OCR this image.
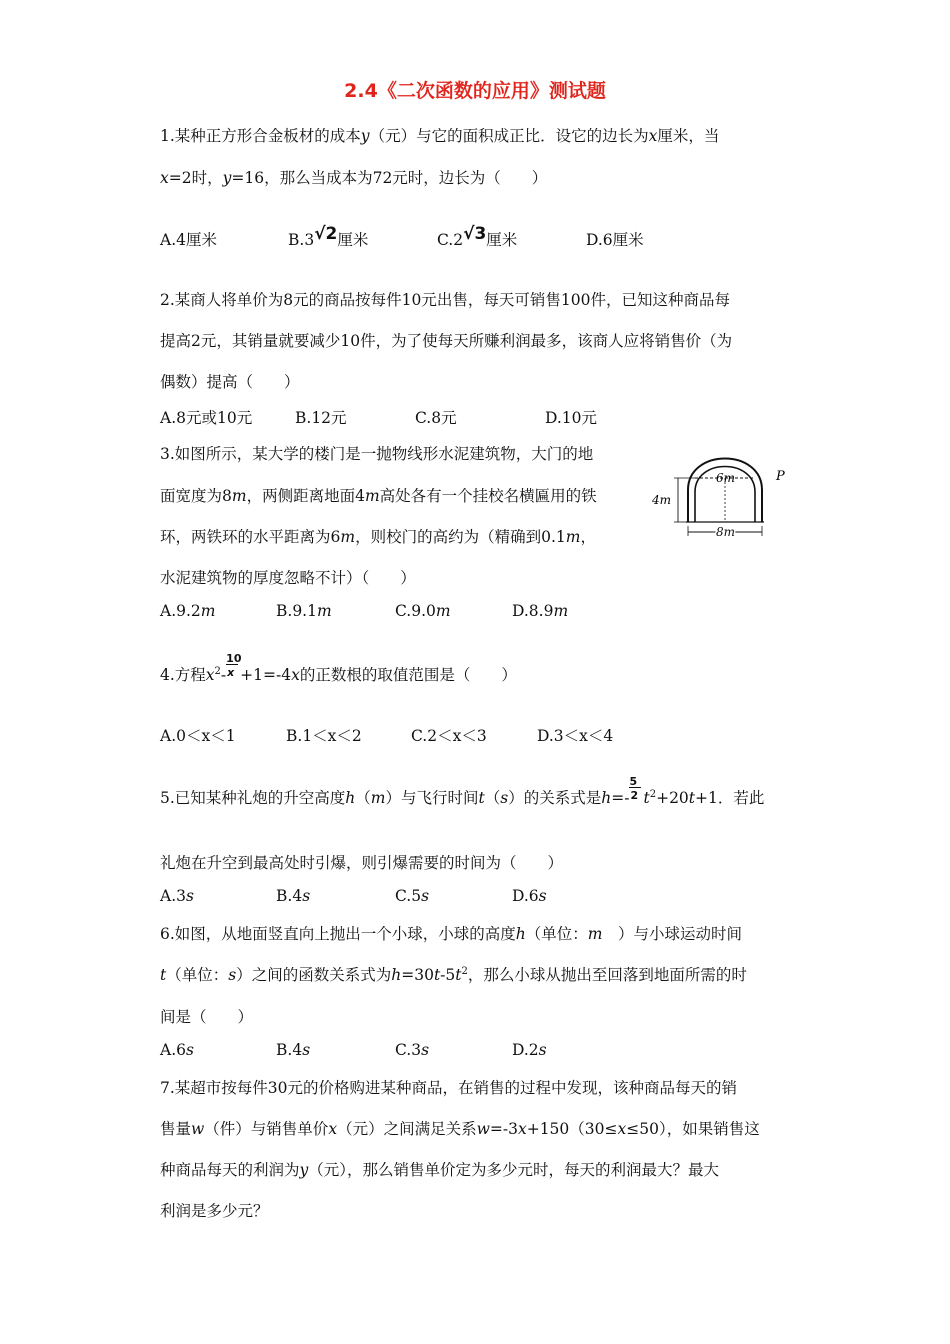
2.4《二次函数的应用》测试题
1.某种正方形合金板材的成本y（元）与它的面积成正比．设它的边长为x厘米，当
x=2时，y=16，那么当成本为72元时，边长为（　　）
A.4厘米	B.3√2厘米	C.2√3厘米	D.6厘米
2.某商人将单价为8元的商品按每件10元出售，每天可销售100件，已知这种商品每
提高2元，其销量就要减少10件，为了使每天所赚利润最多，该商人应将销售价（为
偶数）提高（　　）
A.8元或10元	B.12元	C.8元	D.10元
3.如图所示，某大学的楼门是一抛物线形水泥建筑物，大门的地
面宽度为8m，两侧距离地面4m高处各有一个挂校名横匾用的铁
环，两铁环的水平距离为6m，则校门的高约为（精确到0.1m，
水泥建筑物的厚度忽略不计）（　　）
A.9.2m	B.9.1m	C.9.0m	D.8.9m
6m
4m
8m
P
4.方程$x^2- \frac{10}{x} +1=-4x$的正数根的取值范围是（　　）
A.0＜x＜1	B.1＜x＜2	C.2＜x＜3	D.3＜x＜4
5.已知某种礼炮的升空高度h（m）与飞行时间t（s）的关系式是$h=- \frac{5}{2} t^2+20t+1$．若此
礼炮在升空到最高处时引爆，则引爆需要的时间为（　　）
A.3s	B.4s	C.5s	D.6s
6.如图，从地面竖直向上抛出一个小球，小球的高度h（单位：m　）与小球运动时间
t（单位：s）之间的函数关系式为$h=30t-5t^2$，那么小球从抛出至回落到地面所需的时
间是（　　）
A.6s	B.4s	C.3s	D.2s
7.某超市按每件30元的价格购进某种商品，在销售的过程中发现，该种商品每天的销
售量w（件）与销售单价x（元）之间满足关系w=-3x+150（30≤x≤50），如果销售这
种商品每天的利润为y（元），那么销售单价定为多少元时，每天的利润最大？最大
利润是多少元？
